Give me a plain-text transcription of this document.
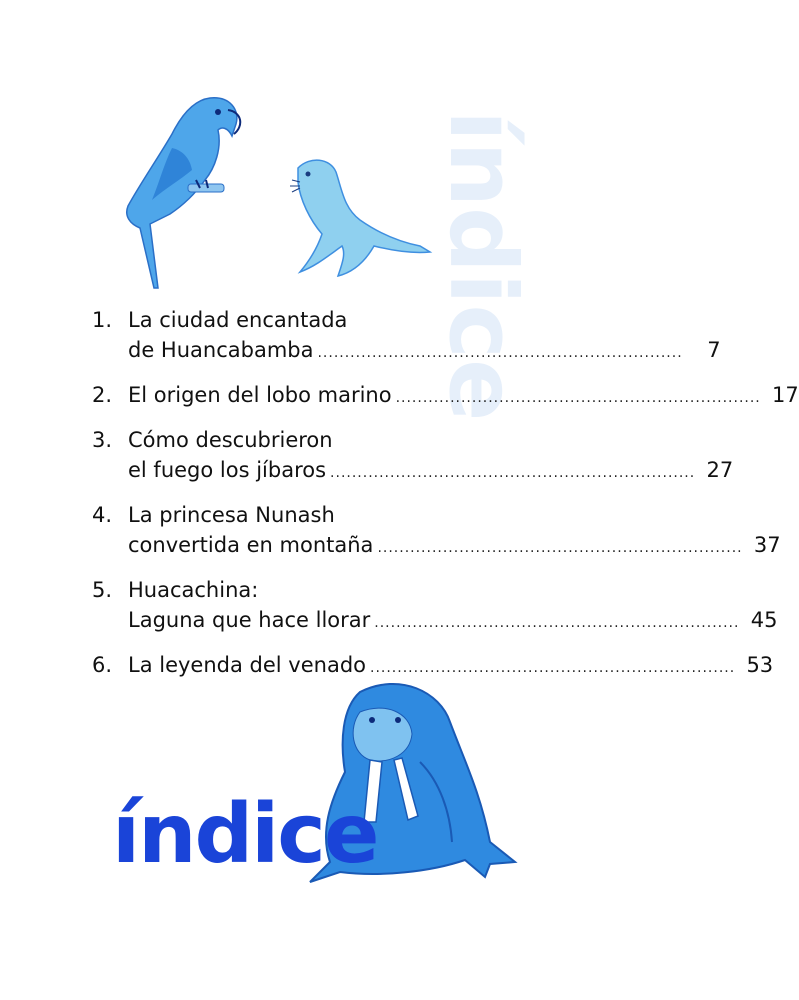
índice
1. La ciudad encantada
de Huancabamba ...................................................................	7
2. El origen del lobo marino ................................................................... 17
3. Cómo descubrieron
el fuego los jíbaros ................................................................... 27
4. La princesa Nunash
convertida en montaña ................................................................... 37
5. Huacachina:
Laguna que hace llorar ................................................................... 45
6. La leyenda del venado ................................................................... 53
índice
